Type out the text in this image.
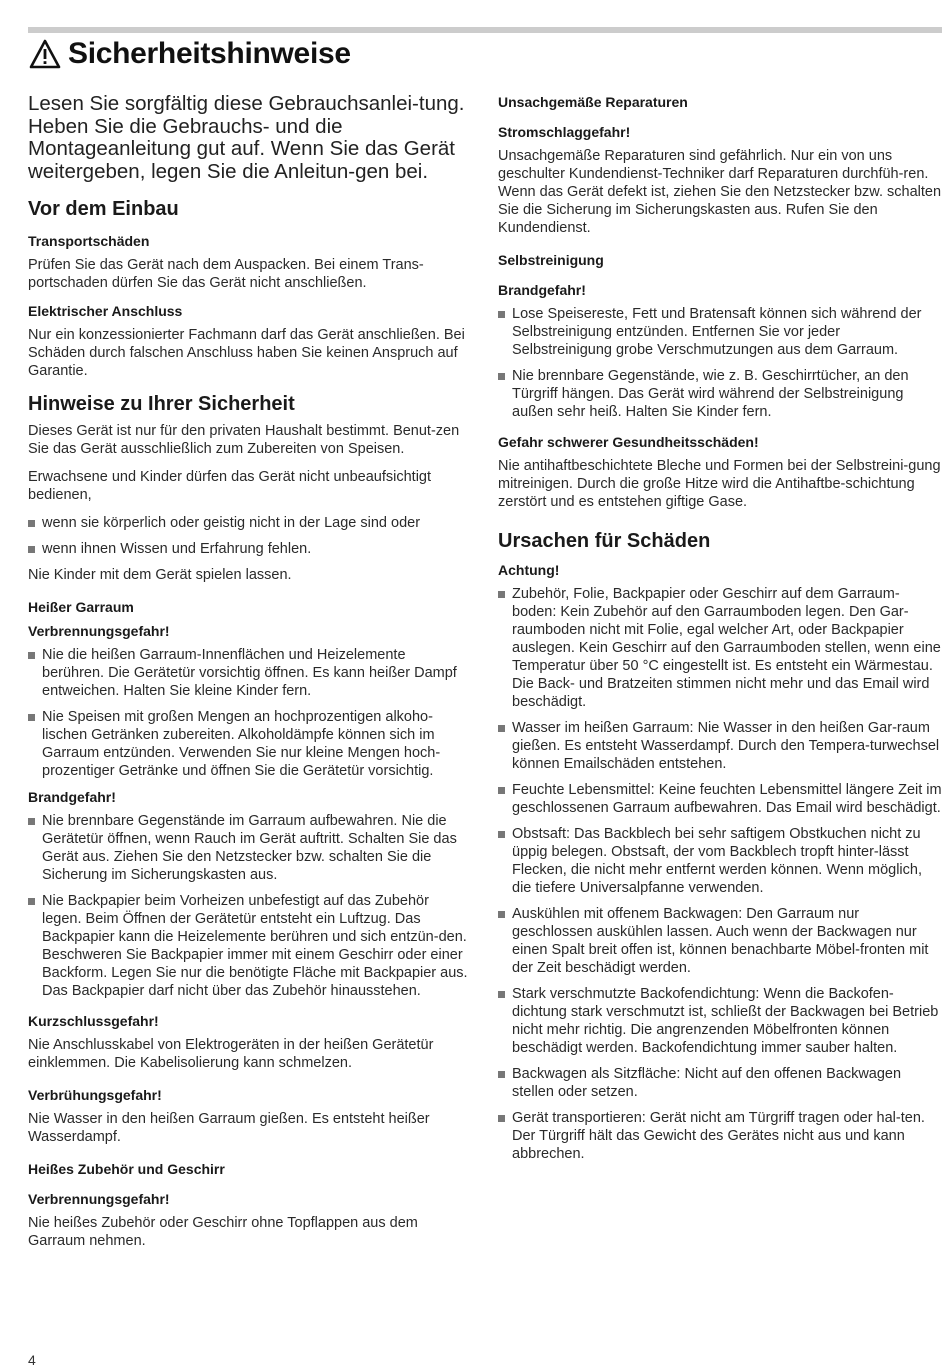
Sicherheitshinweise

Lesen Sie sorgfältig diese Gebrauchsanlei-tung. Heben Sie die Gebrauchs- und die Montageanleitung gut auf. Wenn Sie das Gerät weitergeben, legen Sie die Anleitun-gen bei.

Vor dem Einbau
Transportschäden

Prüfen Sie das Gerät nach dem Auspacken. Bei einem Trans-portschaden dürfen Sie das Gerät nicht anschließen.

Elektrischer Anschluss

Nur ein konzessionierter Fachmann darf das Gerät anschließen. Bei Schäden durch falschen Anschluss haben Sie keinen Anspruch auf Garantie.

Hinweise zu Ihrer Sicherheit

Dieses Gerät ist nur für den privaten Haushalt bestimmt. Benut-zen Sie das Gerät ausschließlich zum Zubereiten von Speisen.

Erwachsene und Kinder dürfen das Gerät nicht unbeaufsichtigt bedienen,

wenn sie körperlich oder geistig nicht in der Lage sind oder
wenn ihnen Wissen und Erfahrung fehlen.

Nie Kinder mit dem Gerät spielen lassen.

Heißer Garraum
Verbrennungsgefahr!
Nie die heißen Garraum-Innenflächen und Heizelemente berühren. Die Gerätetür vorsichtig öffnen. Es kann heißer Dampf entweichen. Halten Sie kleine Kinder fern.
Nie Speisen mit großen Mengen an hochprozentigen alkoho-lischen Getränken zubereiten. Alkoholdämpfe können sich im Garraum entzünden. Verwenden Sie nur kleine Mengen hoch-prozentiger Getränke und öffnen Sie die Gerätetür vorsichtig.
Brandgefahr!
Nie brennbare Gegenstände im Garraum aufbewahren. Nie die Gerätetür öffnen, wenn Rauch im Gerät auftritt. Schalten Sie das Gerät aus. Ziehen Sie den Netzstecker bzw. schalten Sie die Sicherung im Sicherungskasten aus.
Nie Backpapier beim Vorheizen unbefestigt auf das Zubehör legen. Beim Öffnen der Gerätetür entsteht ein Luftzug. Das Backpapier kann die Heizelemente berühren und sich entzün-den. Beschweren Sie Backpapier immer mit einem Geschirr oder einer Backform. Legen Sie nur die benötigte Fläche mit Backpapier aus. Das Backpapier darf nicht über das Zubehör hinausstehen.
Kurzschlussgefahr!

Nie Anschlusskabel von Elektrogeräten in der heißen Gerätetür einklemmen. Die Kabelisolierung kann schmelzen.

Verbrühungsgefahr!

Nie Wasser in den heißen Garraum gießen. Es entsteht heißer Wasserdampf.

Heißes Zubehör und Geschirr
Verbrennungsgefahr!

Nie heißes Zubehör oder Geschirr ohne Topflappen aus dem Garraum nehmen.

Unsachgemäße Reparaturen
Stromschlaggefahr!

Unsachgemäße Reparaturen sind gefährlich. Nur ein von uns geschulter Kundendienst-Techniker darf Reparaturen durchfüh-ren. Wenn das Gerät defekt ist, ziehen Sie den Netzstecker bzw. schalten Sie die Sicherung im Sicherungskasten aus. Rufen Sie den Kundendienst.

Selbstreinigung
Brandgefahr!
Lose Speisereste, Fett und Bratensaft können sich während der Selbstreinigung entzünden. Entfernen Sie vor jeder Selbstreinigung grobe Verschmutzungen aus dem Garraum.
Nie brennbare Gegenstände, wie z. B. Geschirrtücher, an den Türgriff hängen. Das Gerät wird während der Selbstreinigung außen sehr heiß. Halten Sie Kinder fern.
Gefahr schwerer Gesundheitsschäden!

Nie antihaftbeschichtete Bleche und Formen bei der Selbstreini-gung mitreinigen. Durch die große Hitze wird die Antihaftbe-schichtung zerstört und es entstehen giftige Gase.

Ursachen für Schäden
Achtung!
Zubehör, Folie, Backpapier oder Geschirr auf dem Garraum-boden: Kein Zubehör auf den Garraumboden legen. Den Gar-raumboden nicht mit Folie, egal welcher Art, oder Backpapier auslegen. Kein Geschirr auf den Garraumboden stellen, wenn eine Temperatur über 50 °C eingestellt ist. Es entsteht ein Wärmestau. Die Back- und Bratzeiten stimmen nicht mehr und das Email wird beschädigt.
Wasser im heißen Garraum: Nie Wasser in den heißen Gar-raum gießen. Es entsteht Wasserdampf. Durch den Tempera-turwechsel können Emailschäden entstehen.
Feuchte Lebensmittel: Keine feuchten Lebensmittel längere Zeit im geschlossenen Garraum aufbewahren. Das Email wird beschädigt.
Obstsaft: Das Backblech bei sehr saftigem Obstkuchen nicht zu üppig belegen. Obstsaft, der vom Backblech tropft hinter-lässt Flecken, die nicht mehr entfernt werden können. Wenn möglich, die tiefere Universalpfanne verwenden.
Auskühlen mit offenem Backwagen: Den Garraum nur geschlossen auskühlen lassen. Auch wenn der Backwagen nur einen Spalt breit offen ist, können benachbarte Möbel-fronten mit der Zeit beschädigt werden.
Stark verschmutzte Backofendichtung: Wenn die Backofen-dichtung stark verschmutzt ist, schließt der Backwagen bei Betrieb nicht mehr richtig. Die angrenzenden Möbelfronten können beschädigt werden. Backofendichtung immer sauber halten.
Backwagen als Sitzfläche: Nicht auf den offenen Backwagen stellen oder setzen.
Gerät transportieren: Gerät nicht am Türgriff tragen oder hal-ten. Der Türgriff hält das Gewicht des Gerätes nicht aus und kann abbrechen.
4
